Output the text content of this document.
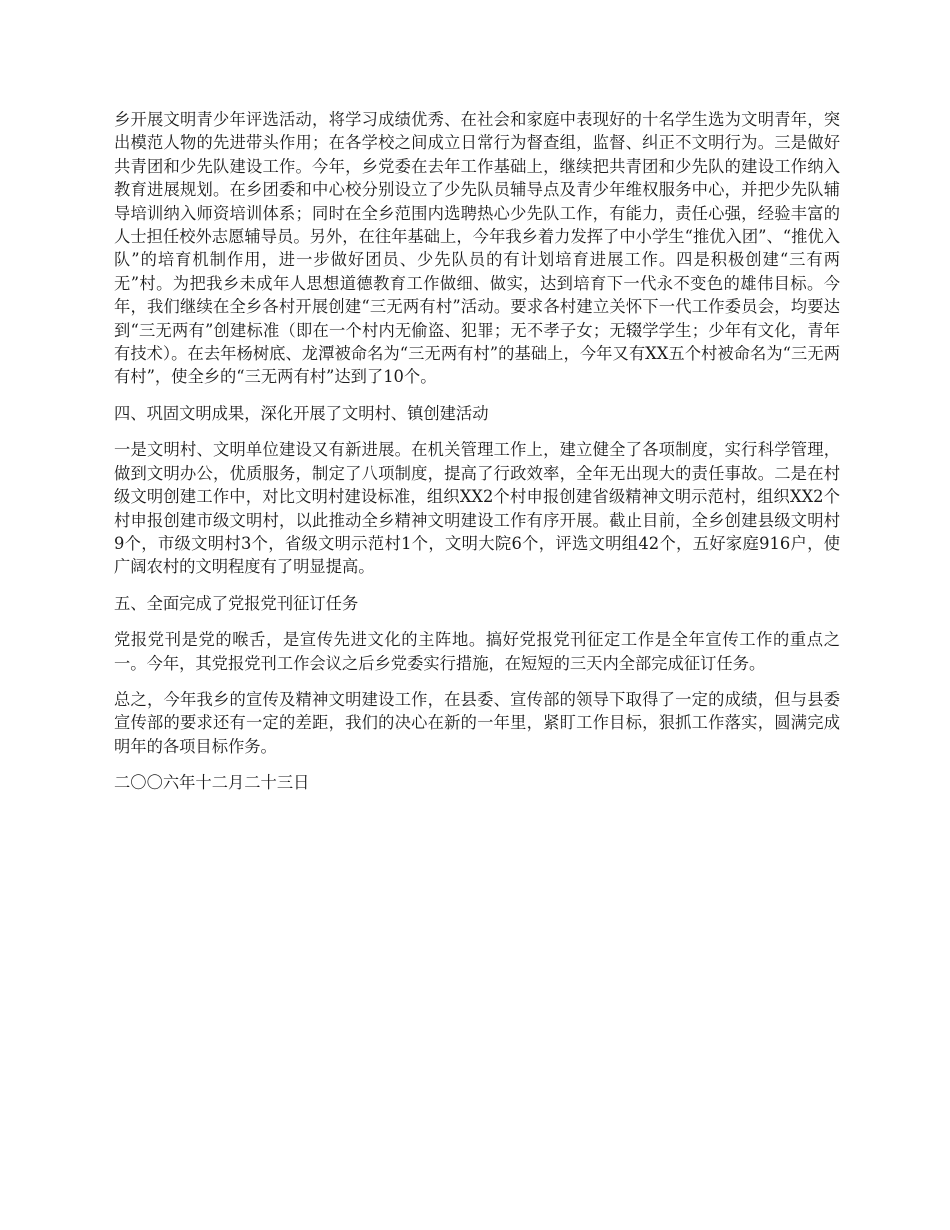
乡开展文明青少年评选活动，将学习成绩优秀、在社会和家庭中表现好的十名学生选为文明青年，突出模范人物的先进带头作用；在各学校之间成立日常行为督查组，监督、纠正不文明行为。三是做好共青团和少先队建设工作。今年，乡党委在去年工作基础上，继续把共青团和少先队的建设工作纳入教育进展规划。在乡团委和中心校分别设立了少先队员辅导点及青少年维权服务中心，并把少先队辅导培训纳入师资培训体系；同时在全乡范围内选聘热心少先队工作，有能力，责任心强，经验丰富的人士担任校外志愿辅导员。另外，在往年基础上，今年我乡着力发挥了中小学生“推优入团”、“推优入队”的培育机制作用，进一步做好团员、少先队员的有计划培育进展工作。四是积极创建“三有两无”村。为把我乡未成年人思想道德教育工作做细、做实，达到培育下一代永不变色的雄伟目标。今年，我们继续在全乡各村开展创建“三无两有村”活动。要求各村建立关怀下一代工作委员会，均要达到“三无两有”创建标准（即在一个村内无偷盗、犯罪；无不孝子女；无辍学学生；少年有文化，青年有技术）。在去年杨树底、龙潭被命名为“三无两有村”的基础上，今年又有XX五个村被命名为“三无两有村”，使全乡的“三无两有村”达到了10个。

四、巩固文明成果，深化开展了文明村、镇创建活动

一是文明村、文明单位建设又有新进展。在机关管理工作上，建立健全了各项制度，实行科学管理，做到文明办公，优质服务，制定了八项制度，提高了行政效率，全年无出现大的责任事故。二是在村级文明创建工作中，对比文明村建设标准，组织XX2个村申报创建省级精神文明示范村，组织XX2个村申报创建市级文明村，以此推动全乡精神文明建设工作有序开展。截止目前，全乡创建县级文明村9个，市级文明村3个，省级文明示范村1个，文明大院6个，评选文明组42个，五好家庭916户，使广阔农村的文明程度有了明显提高。

五、全面完成了党报党刊征订任务

党报党刊是党的喉舌，是宣传先进文化的主阵地。搞好党报党刊征定工作是全年宣传工作的重点之一。今年，其党报党刊工作会议之后乡党委实行措施，在短短的三天内全部完成征订任务。

总之，今年我乡的宣传及精神文明建设工作，在县委、宣传部的领导下取得了一定的成绩，但与县委宣传部的要求还有一定的差距，我们的决心在新的一年里，紧盯工作目标，狠抓工作落实，圆满完成明年的各项目标作务。

二〇〇六年十二月二十三日
